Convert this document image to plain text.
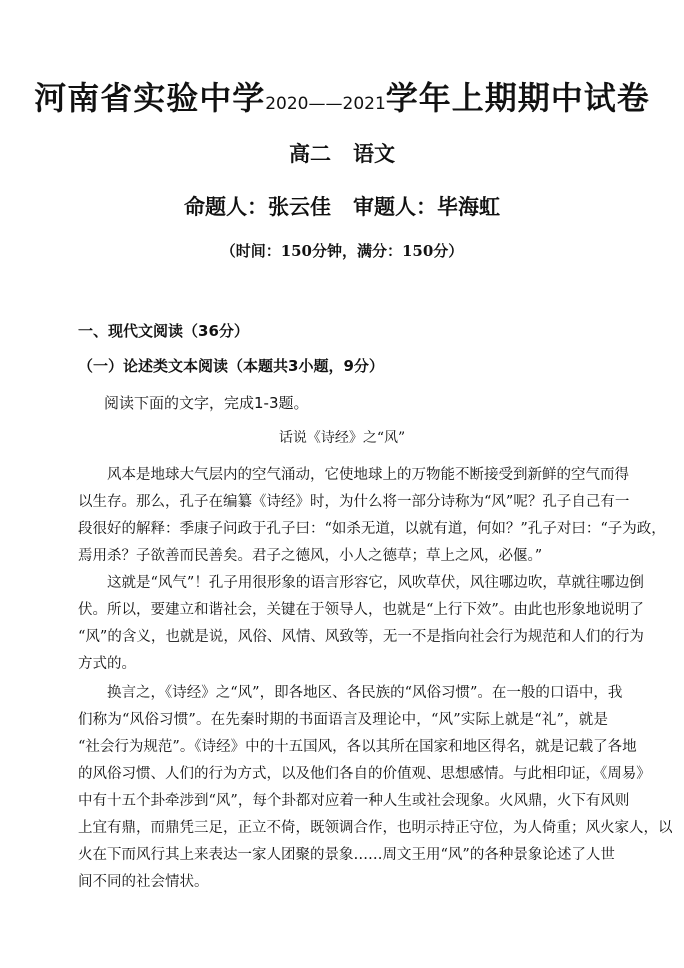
河南省实验中学2020——2021学年上期期中试卷
高二   语文
命题人：张云佳   审题人：毕海虹
（时间：150分钟，满分：150分）
一、现代文阅读（36分）
（一）论述类文本阅读（本题共3小题，9分）
阅读下面的文字，完成1-3题。
话说《诗经》之“风”
　　风本是地球大气层内的空气涌动，它使地球上的万物能不断接受到新鲜的空气而得
以生存。那么，孔子在编纂《诗经》时，为什么将一部分诗称为“风”呢？孔子自己有一
段很好的解释：季康子问政于孔子曰：“如杀无道，以就有道，何如？”孔子对曰：“子为政，
焉用杀？子欲善而民善矣。君子之德风，小人之德草；草上之风，必偃。”
　　这就是“风气”！孔子用很形象的语言形容它，风吹草伏，风往哪边吹，草就往哪边倒
伏。所以，要建立和谐社会，关键在于领导人，也就是“上行下效”。由此也形象地说明了
“风”的含义，也就是说，风俗、风情、风致等，无一不是指向社会行为规范和人们的行为
方式的。
　　换言之，《诗经》之“风”，即各地区、各民族的“风俗习惯”。在一般的口语中，我
们称为“风俗习惯”。在先秦时期的书面语言及理论中，“风”实际上就是“礼”，就是
“社会行为规范”。《诗经》中的十五国风，各以其所在国家和地区得名，就是记载了各地
的风俗习惯、人们的行为方式，以及他们各自的价值观、思想感情。与此相印证，《周易》
中有十五个卦牵涉到“风”，每个卦都对应着一种人生或社会现象。火风鼎，火下有风则
上宜有鼎，而鼎凭三足，正立不倚，既领调合作，也明示持正守位，为人倚重；风火家人，以
火在下而风行其上来表达一家人团聚的景象……周文王用“风”的各种景象论述了人世
间不同的社会情状。
